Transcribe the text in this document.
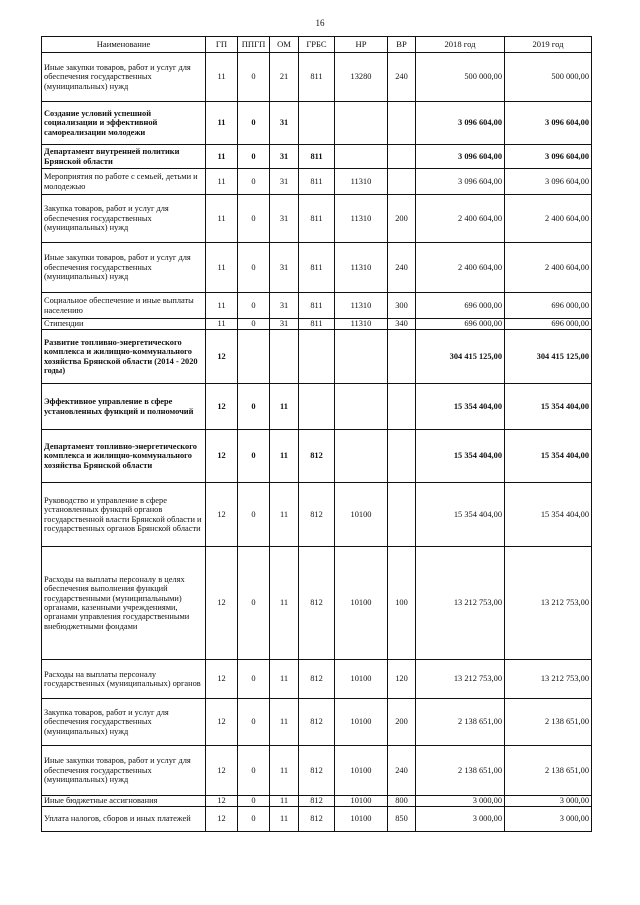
16
Наименование	ГП	ППГП	ОМ	ГРБС	НР	ВР	2018 год	2019 год
Иные закупки товаров, работ и услуг для обеспечения государственных (муниципальных) нужд	11	0	21	811	13280	240	500 000,00	500 000,00
Создание условий успешной социализации и эффективной самореализации молодежи	11	0	31				3 096 604,00	3 096 604,00
Департамент внутренней политики Брянской области	11	0	31	811			3 096 604,00	3 096 604,00
Мероприятия по работе с семьей, детьми и молодежью	11	0	31	811	11310		3 096 604,00	3 096 604,00
Закупка товаров, работ и услуг для обеспечения государственных (муниципальных) нужд	11	0	31	811	11310	200	2 400 604,00	2 400 604,00
Иные закупки товаров, работ и услуг для обеспечения государственных (муниципальных) нужд	11	0	31	811	11310	240	2 400 604,00	2 400 604,00
Социальное обеспечение и иные выплаты населению	11	0	31	811	11310	300	696 000,00	696 000,00
Стипендии	11	0	31	811	11310	340	696 000,00	696 000,00
Развитие топливно-энергетического комплекса и жилищно-коммунального хозяйства Брянской области (2014 - 2020 годы)	12						304 415 125,00	304 415 125,00
Эффективное управление в сфере установленных функций и полномочий	12	0	11				15 354 404,00	15 354 404,00
Департамент топливно-энергетического комплекса и жилищно-коммунального хозяйства Брянской области	12	0	11	812			15 354 404,00	15 354 404,00
Руководство и управление в сфере установленных функций органов государственной власти Брянской области и государственных органов Брянской области	12	0	11	812	10100		15 354 404,00	15 354 404,00
Расходы на выплаты персоналу в целях обеспечения выполнения функций государственными (муниципальными) органами, казенными учреждениями, органами управления государственными внебюджетными фондами	12	0	11	812	10100	100	13 212 753,00	13 212 753,00
Расходы на выплаты персоналу государственных (муниципальных) органов	12	0	11	812	10100	120	13 212 753,00	13 212 753,00
Закупка товаров, работ и услуг для обеспечения государственных (муниципальных) нужд	12	0	11	812	10100	200	2 138 651,00	2 138 651,00
Иные закупки товаров, работ и услуг для обеспечения государственных (муниципальных) нужд	12	0	11	812	10100	240	2 138 651,00	2 138 651,00
Иные бюджетные ассигнования	12	0	11	812	10100	800	3 000,00	3 000,00
Уплата налогов, сборов и иных платежей	12	0	11	812	10100	850	3 000,00	3 000,00
